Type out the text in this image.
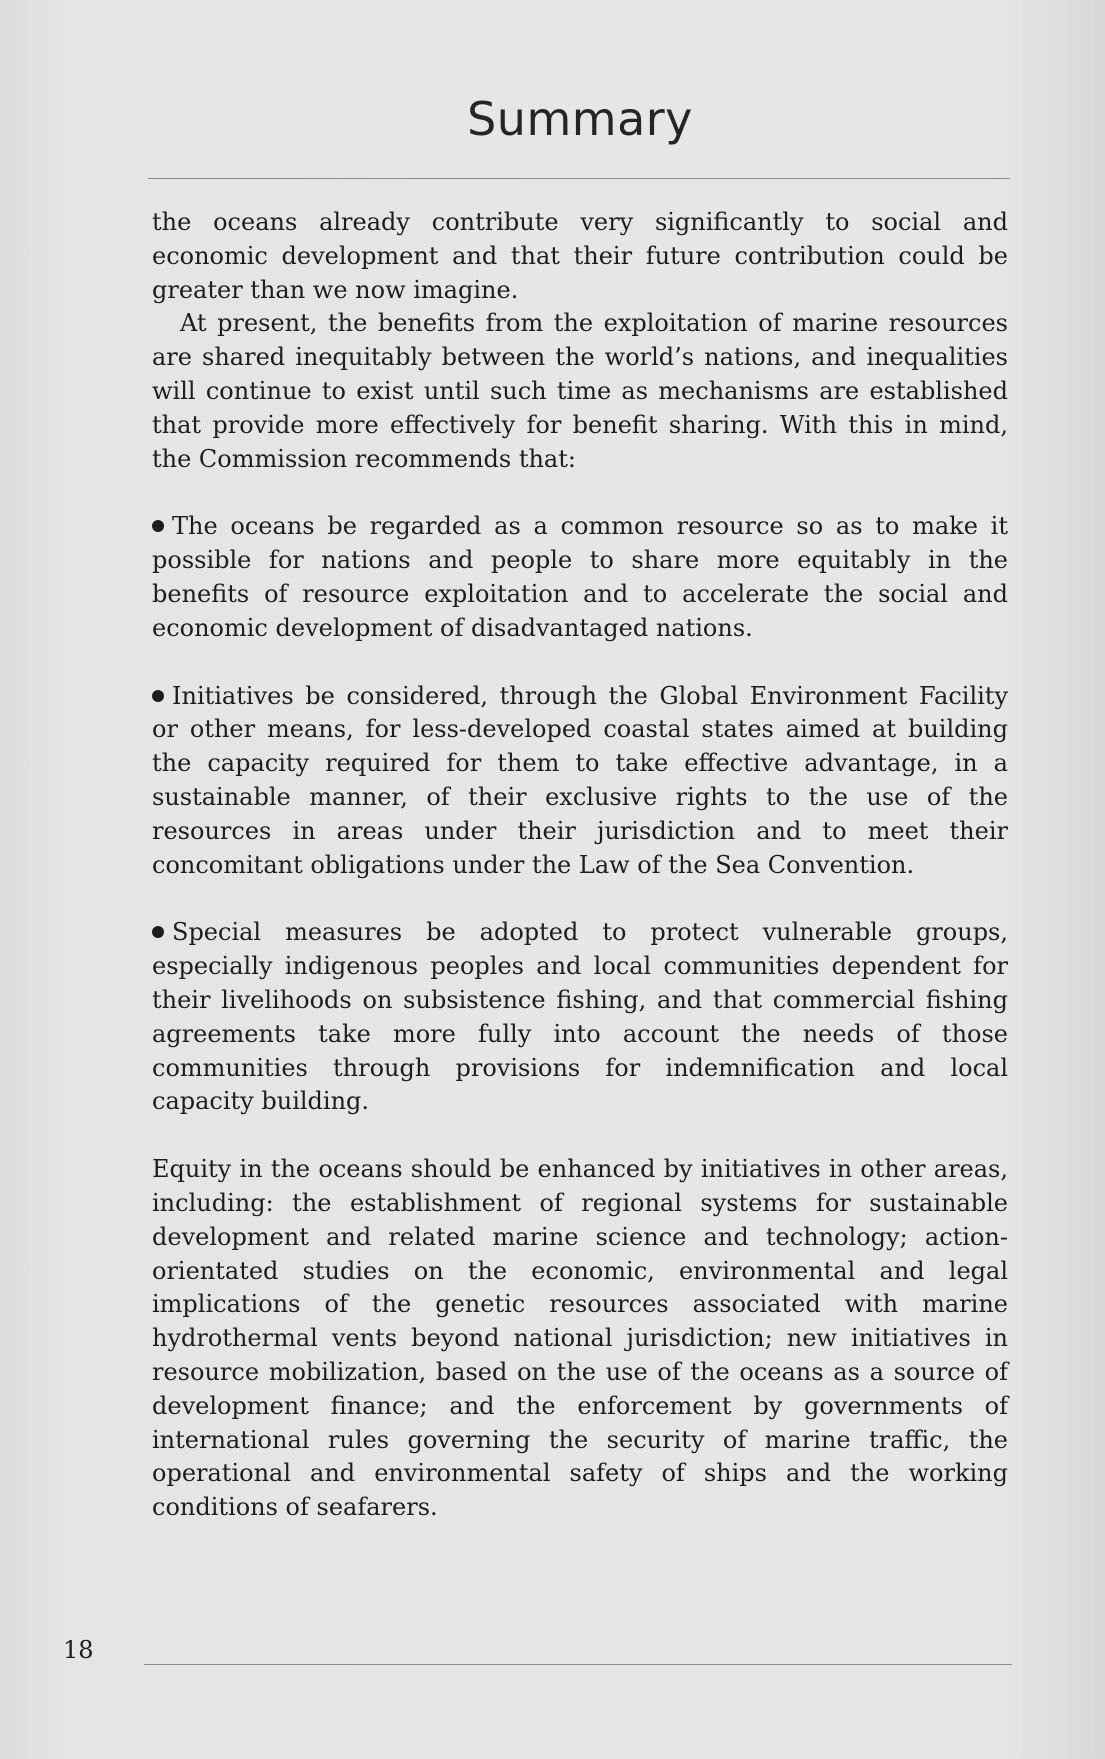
Summary

the oceans already contribute very significantly to social and economic development and that their future contribution could be greater than we now imagine.

At present, the benefits from the exploitation of marine resources are shared inequitably between the world’s nations, and inequalities will continue to exist until such time as mechanisms are established that provide more effectively for benefit sharing. With this in mind, the Commission recommends that:

The oceans be regarded as a common resource so as to make it possible for nations and people to share more equitably in the benefits of resource exploitation and to accelerate the social and economic development of disadvantaged nations.

Initiatives be considered, through the Global Environment Facility or other means, for less-developed coastal states aimed at building the capacity required for them to take effective advantage, in a sustainable manner, of their exclusive rights to the use of the resources in areas under their jurisdiction and to meet their concomitant obligations under the Law of the Sea Convention.

Special measures be adopted to protect vulnerable groups, especially indigenous peoples and local communities dependent for their livelihoods on subsistence fishing, and that commercial fishing agreements take more fully into account the needs of those communities through provisions for indemnification and local capacity building.

Equity in the oceans should be enhanced by initiatives in other areas, including: the establishment of regional systems for sustainable development and related marine science and technology; action-orientated studies on the economic, environmental and legal implications of the genetic resources associated with marine hydrothermal vents beyond national jurisdiction; new initiatives in resource mobilization, based on the use of the oceans as a source of development finance; and the enforcement by governments of international rules governing the security of marine traffic, the operational and environmental safety of ships and the working conditions of seafarers.

18
